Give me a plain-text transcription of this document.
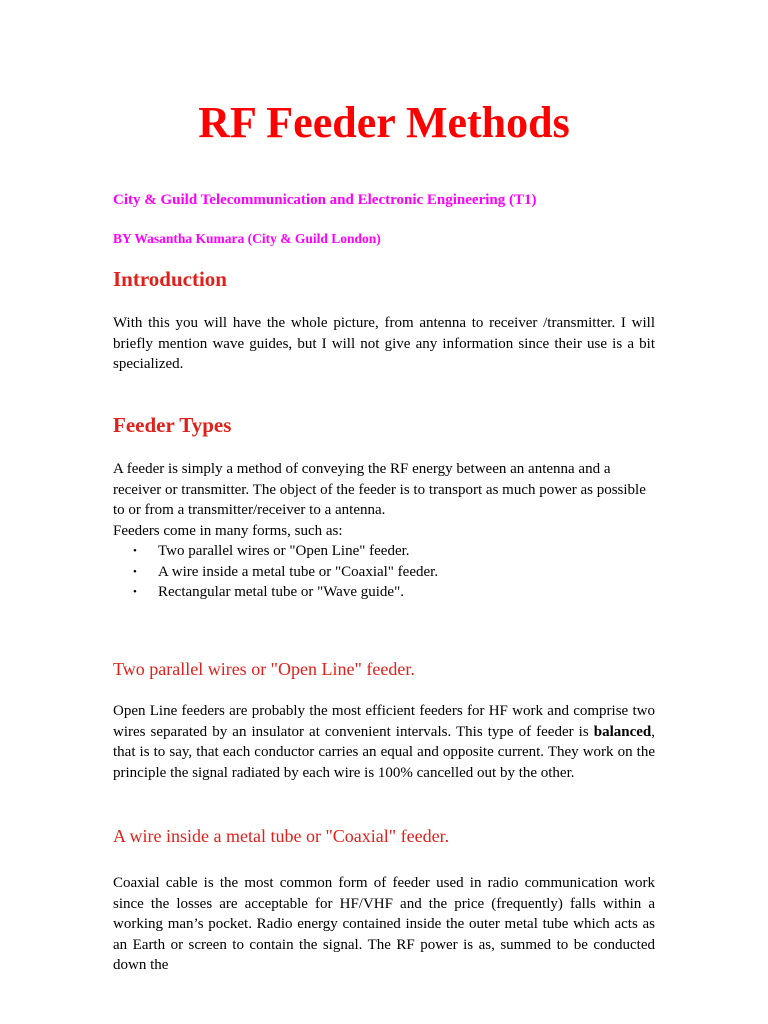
RF Feeder Methods

City & Guild Telecommunication and Electronic Engineering (T1)

BY Wasantha Kumara (City & Guild London)

Introduction

With this you will have the whole picture, from antenna to receiver /transmitter. I will briefly mention wave guides, but I will not give any information since their use is a bit specialized.

Feeder Types
A feeder is simply a method of conveying the RF energy between an antenna and a receiver or transmitter. The object of the feeder is to transport as much power as possible to or from a transmitter/receiver to a antenna.
Feeders come in many forms, such as:
• Two parallel wires or "Open Line" feeder.
• A wire inside a metal tube or "Coaxial" feeder.
• Rectangular metal tube or "Wave guide".
Two parallel wires or "Open Line" feeder.

Open Line feeders are probably the most efficient feeders for HF work and comprise two wires separated by an insulator at convenient intervals. This type of feeder is balanced, that is to say, that each conductor carries an equal and opposite current. They work on the principle the signal radiated by each wire is 100% cancelled out by the other.

A wire inside a metal tube or "Coaxial" feeder.

Coaxial cable is the most common form of feeder used in radio communication work since the losses are acceptable for HF/VHF and the price (frequently) falls within a working man’s pocket. Radio energy contained inside the outer metal tube which acts as an Earth or screen to contain the signal. The RF power is as, summed to be conducted down the
